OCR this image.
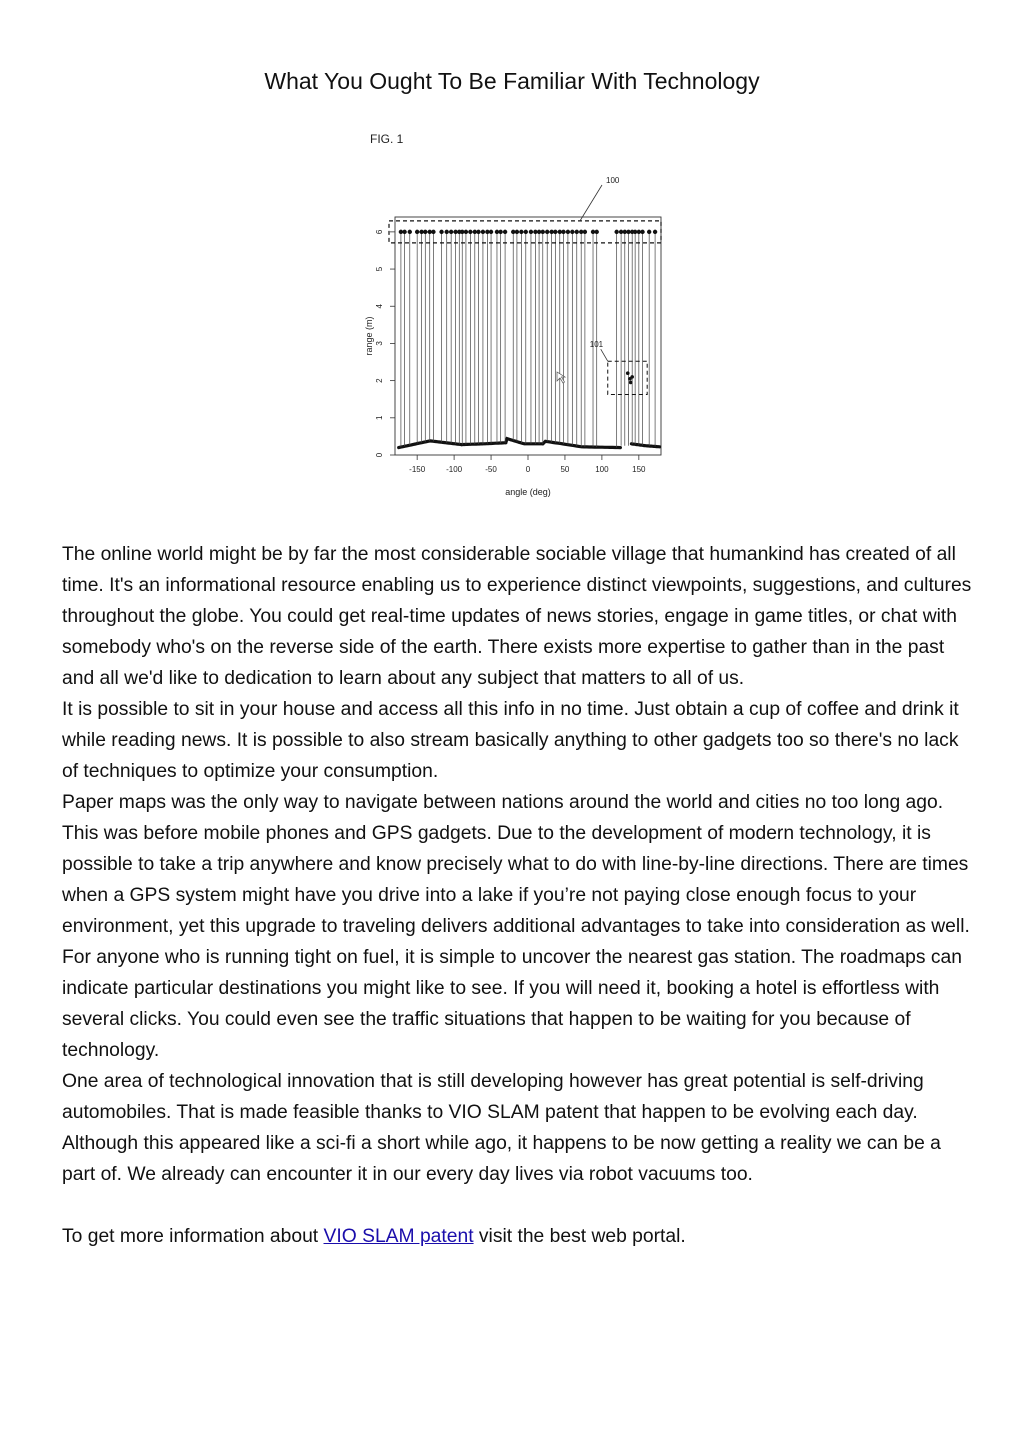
What You Ought To Be Familiar With Technology
FIG. 1
-150	-100	-50	0	50	100	150
0
1
2
3
4
5
6
angle (deg)
range (m)
100
101

The online world might be by far the most considerable sociable village that humankind has created of all time. It's an informational resource enabling us to experience distinct viewpoints, suggestions, and cultures throughout the globe. You could get real-time updates of news stories, engage in game titles, or chat with somebody who's on the reverse side of the earth. There exists more expertise to gather than in the past and all we'd like to dedication to learn about any subject that matters to all of us.

It is possible to sit in your house and access all this info in no time. Just obtain a cup of coffee and drink it while reading news. It is possible to also stream basically anything to other gadgets too so there's no lack of techniques to optimize your consumption.

Paper maps was the only way to navigate between nations around the world and cities no too long ago. This was before mobile phones and GPS gadgets. Due to the development of modern technology, it is possible to take a trip anywhere and know precisely what to do with line-by-line directions. There are times when a GPS system might have you drive into a lake if you’re not paying close enough focus to your environment, yet this upgrade to traveling delivers additional advantages to take into consideration as well.

For anyone who is running tight on fuel, it is simple to uncover the nearest gas station. The roadmaps can indicate particular destinations you might like to see. If you will need it, booking a hotel is effortless with several clicks. You could even see the traffic situations that happen to be waiting for you because of technology.

One area of technological innovation that is still developing however has great potential is self-driving automobiles. That is made feasible thanks to VIO SLAM patent that happen to be evolving each day. Although this appeared like a sci-fi a short while ago, it happens to be now getting a reality we can be a part of. We already can encounter it in our every day lives via robot vacuums too.

To get more information about VIO SLAM patent visit the best web portal.
